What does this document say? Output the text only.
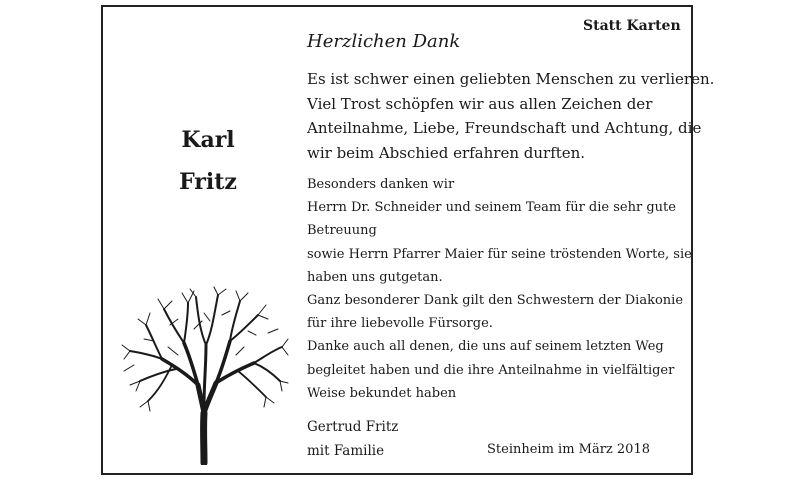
Statt Karten
Herzlichen Dank
Es ist schwer einen geliebten Menschen zu verlieren.
Viel Trost schöpfen wir aus allen Zeichen der
Anteilnahme, Liebe, Freundschaft und Achtung, die
wir beim Abschied erfahren durften.
Karl
Fritz	Besonders danken wir
Herrn Dr. Schneider und seinem Team für die sehr gute
Betreuung
sowie Herrn Pfarrer Maier für seine tröstenden Worte, sie
haben uns gutgetan.
Ganz besonderer Dank gilt den Schwestern der Diakonie
für ihre liebevolle Fürsorge.
Danke auch all denen, die uns auf seinem letzten Weg
begleitet haben und die ihre Anteilnahme in vielfältiger
Weise bekundet haben
Gertrud Fritz
mit Familie	Steinheim im März 2018
